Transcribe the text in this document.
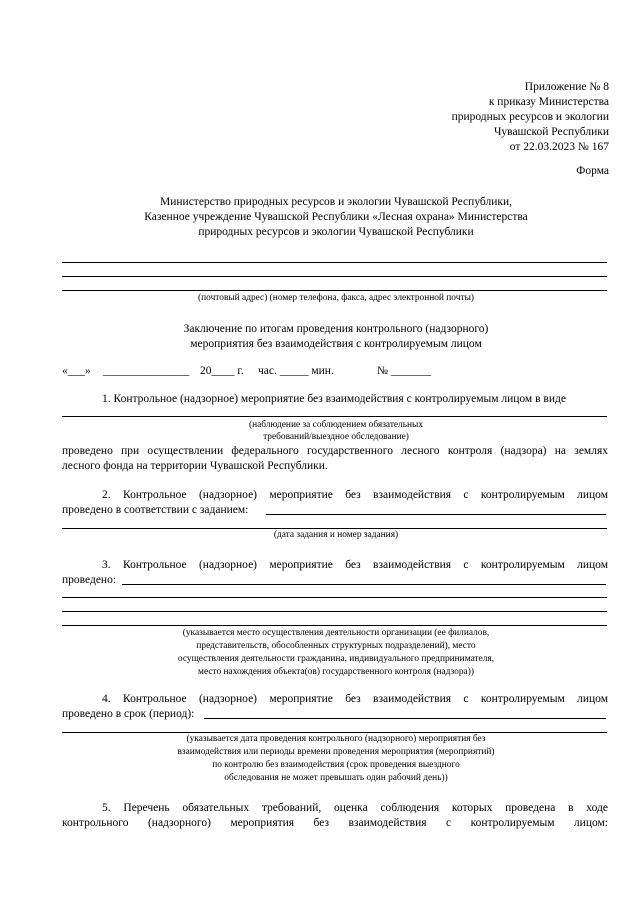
Приложение № 8
к приказу Министерства
природных ресурсов и экологии
Чувашской Республики
от 22.03.2023 № 167
Форма
Министерство природных ресурсов и экологии Чувашской Республики,
Казенное учреждение Чувашской Республики «Лесная охрана» Министерства
природных ресурсов и экологии Чувашской Республики
(почтовый адрес) (номер телефона, факса, адрес электронной почты)
Заключение по итогам проведения контрольного (надзорного)
мероприятия без взаимодействия с контролируемым лицом
«___» _______________ 20____ г. час. _____ мин.	№ _______
1. Контрольное (надзорное) мероприятие без взаимодействия с контролируемым лицом в виде
(наблюдение за соблюдением обязательных
требований/выездное обследование)
проведено при осуществлении федерального государственного лесного контроля (надзора) на землях
лесного фонда на территории Чувашской Республики.
2. Контрольное (надзорное) мероприятие без взаимодействия с контролируемым лицом
проведено в соответствии с заданием:
(дата задания и номер задания)
3. Контрольное (надзорное) мероприятие без взаимодействия с контролируемым лицом
проведено:
(указывается место осуществления деятельности организации (ее филиалов,
представительств, обособленных структурных подразделений), место
осуществления деятельности гражданина, индивидуального предпринимателя,
место нахождения объекта(ов) государственного контроля (надзора))
4. Контрольное (надзорное) мероприятие без взаимодействия с контролируемым лицом
проведено в срок (период):
(указывается дата проведения контрольного (надзорного) мероприятия без
взаимодействия или периоды времени проведения мероприятия (мероприятий)
по контролю без взаимодействия (срок проведения выездного
обследования не может превышать один рабочий день))
5. Перечень обязательных требований, оценка соблюдения которых проведена в ходе
контрольного (надзорного) мероприятия без взаимодействия с контролируемым лицом:
